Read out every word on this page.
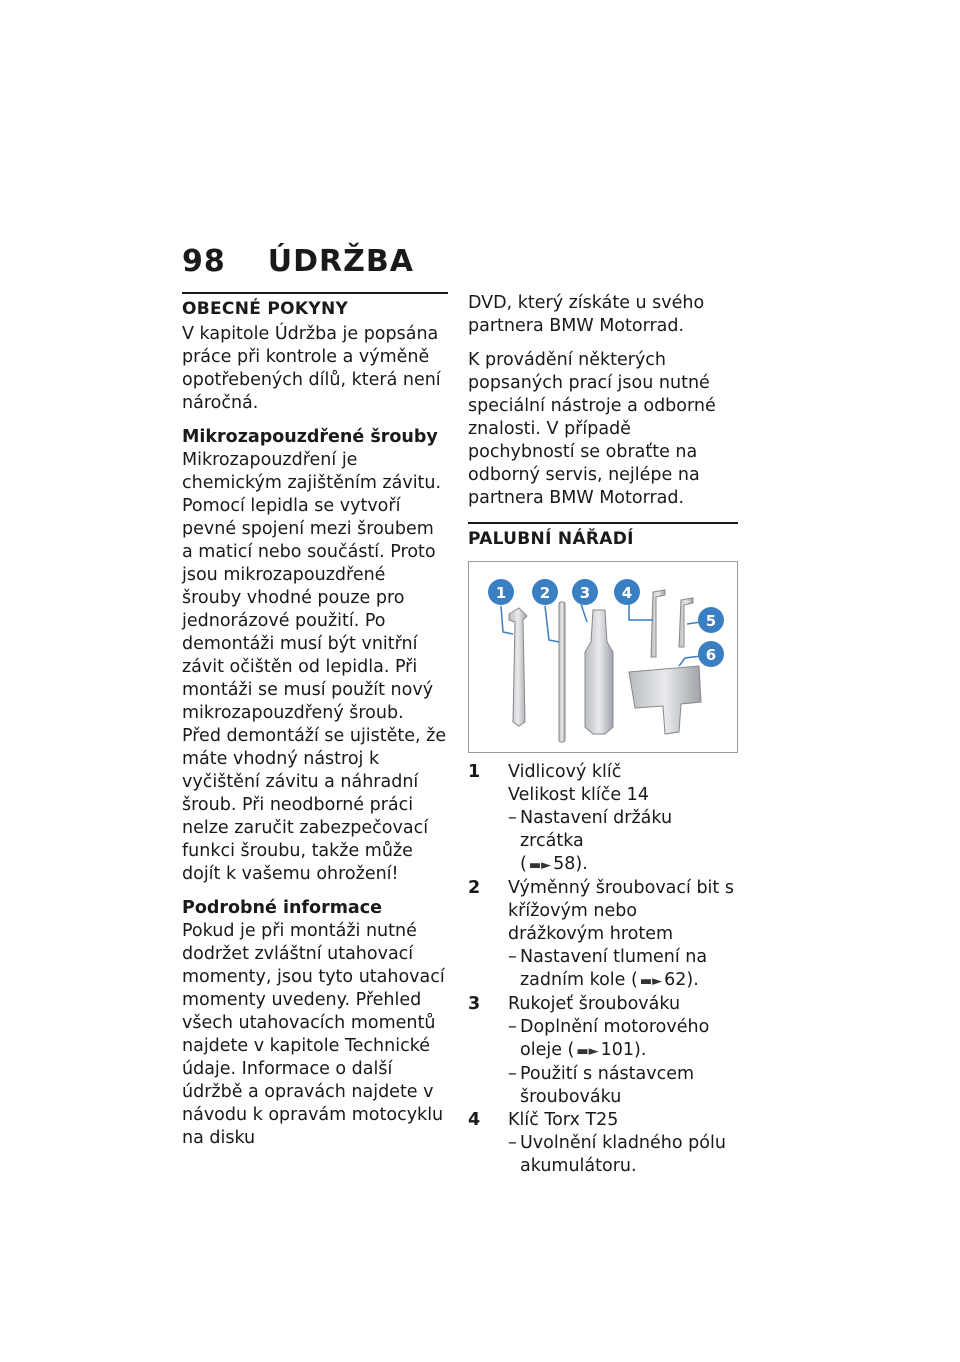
98 ÚDRŽBA
OBECNÉ POKYNY

V kapitole Údržba je popsána práce při kontrole a výměně opotřebených dílů, která není náročná.

Mikrozapouzdřené šrouby
Mikrozapouzdření je chemickým zajištěním závitu. Pomocí lepidla se vytvoří pevné spojení mezi šroubem a maticí nebo součástí. Proto jsou mikrozapouzdřené šrouby vhodné pouze pro jednorázové použití. Po demontáži musí být vnitřní závit očištěn od lepidla. Při montáži se musí použít nový mikrozapouzdřený šroub. Před demontáží se ujistěte, že máte vhodný nástroj k vyčištění závitu a náhradní šroub. Při neodborné práci nelze zaručit zabezpečovací funkci šroubu, takže může dojít k vašemu ohrožení!

Podrobné informace
Pokud je při montáži nutné dodržet zvláštní utahovací momenty, jsou tyto utahovací momenty uvedeny. Přehled všech utahovacích momentů najdete v kapitole Technické údaje. Informace o další údržbě a opravách najdete v návodu k opravám motocyklu na disku

DVD, který získáte u svého partnera BMW Motorrad.

K provádění některých popsaných prací jsou nutné speciální nástroje a odborné znalosti. V případě pochybností se obraťte na odborný servis, nejlépe na partnera BMW Motorrad.

PALUBNÍ NÁŘADÍ
1 2 3 4
5
6
1	Vidlicový klíč
Velikost klíče 14
– Nastavení držáku zrcátka
( ▬► 58).
2	Výměnný šroubovací bit s křížovým nebo drážkovým hrotem
– Nastavení tlumení na zadním kole ( ▬► 62).
3	Rukojeť šroubováku
– Doplnění motorového oleje ( ▬► 101).
– Použití s nástavcem šroubováku
4	Klíč Torx T25
– Uvolnění kladného pólu akumulátoru.
